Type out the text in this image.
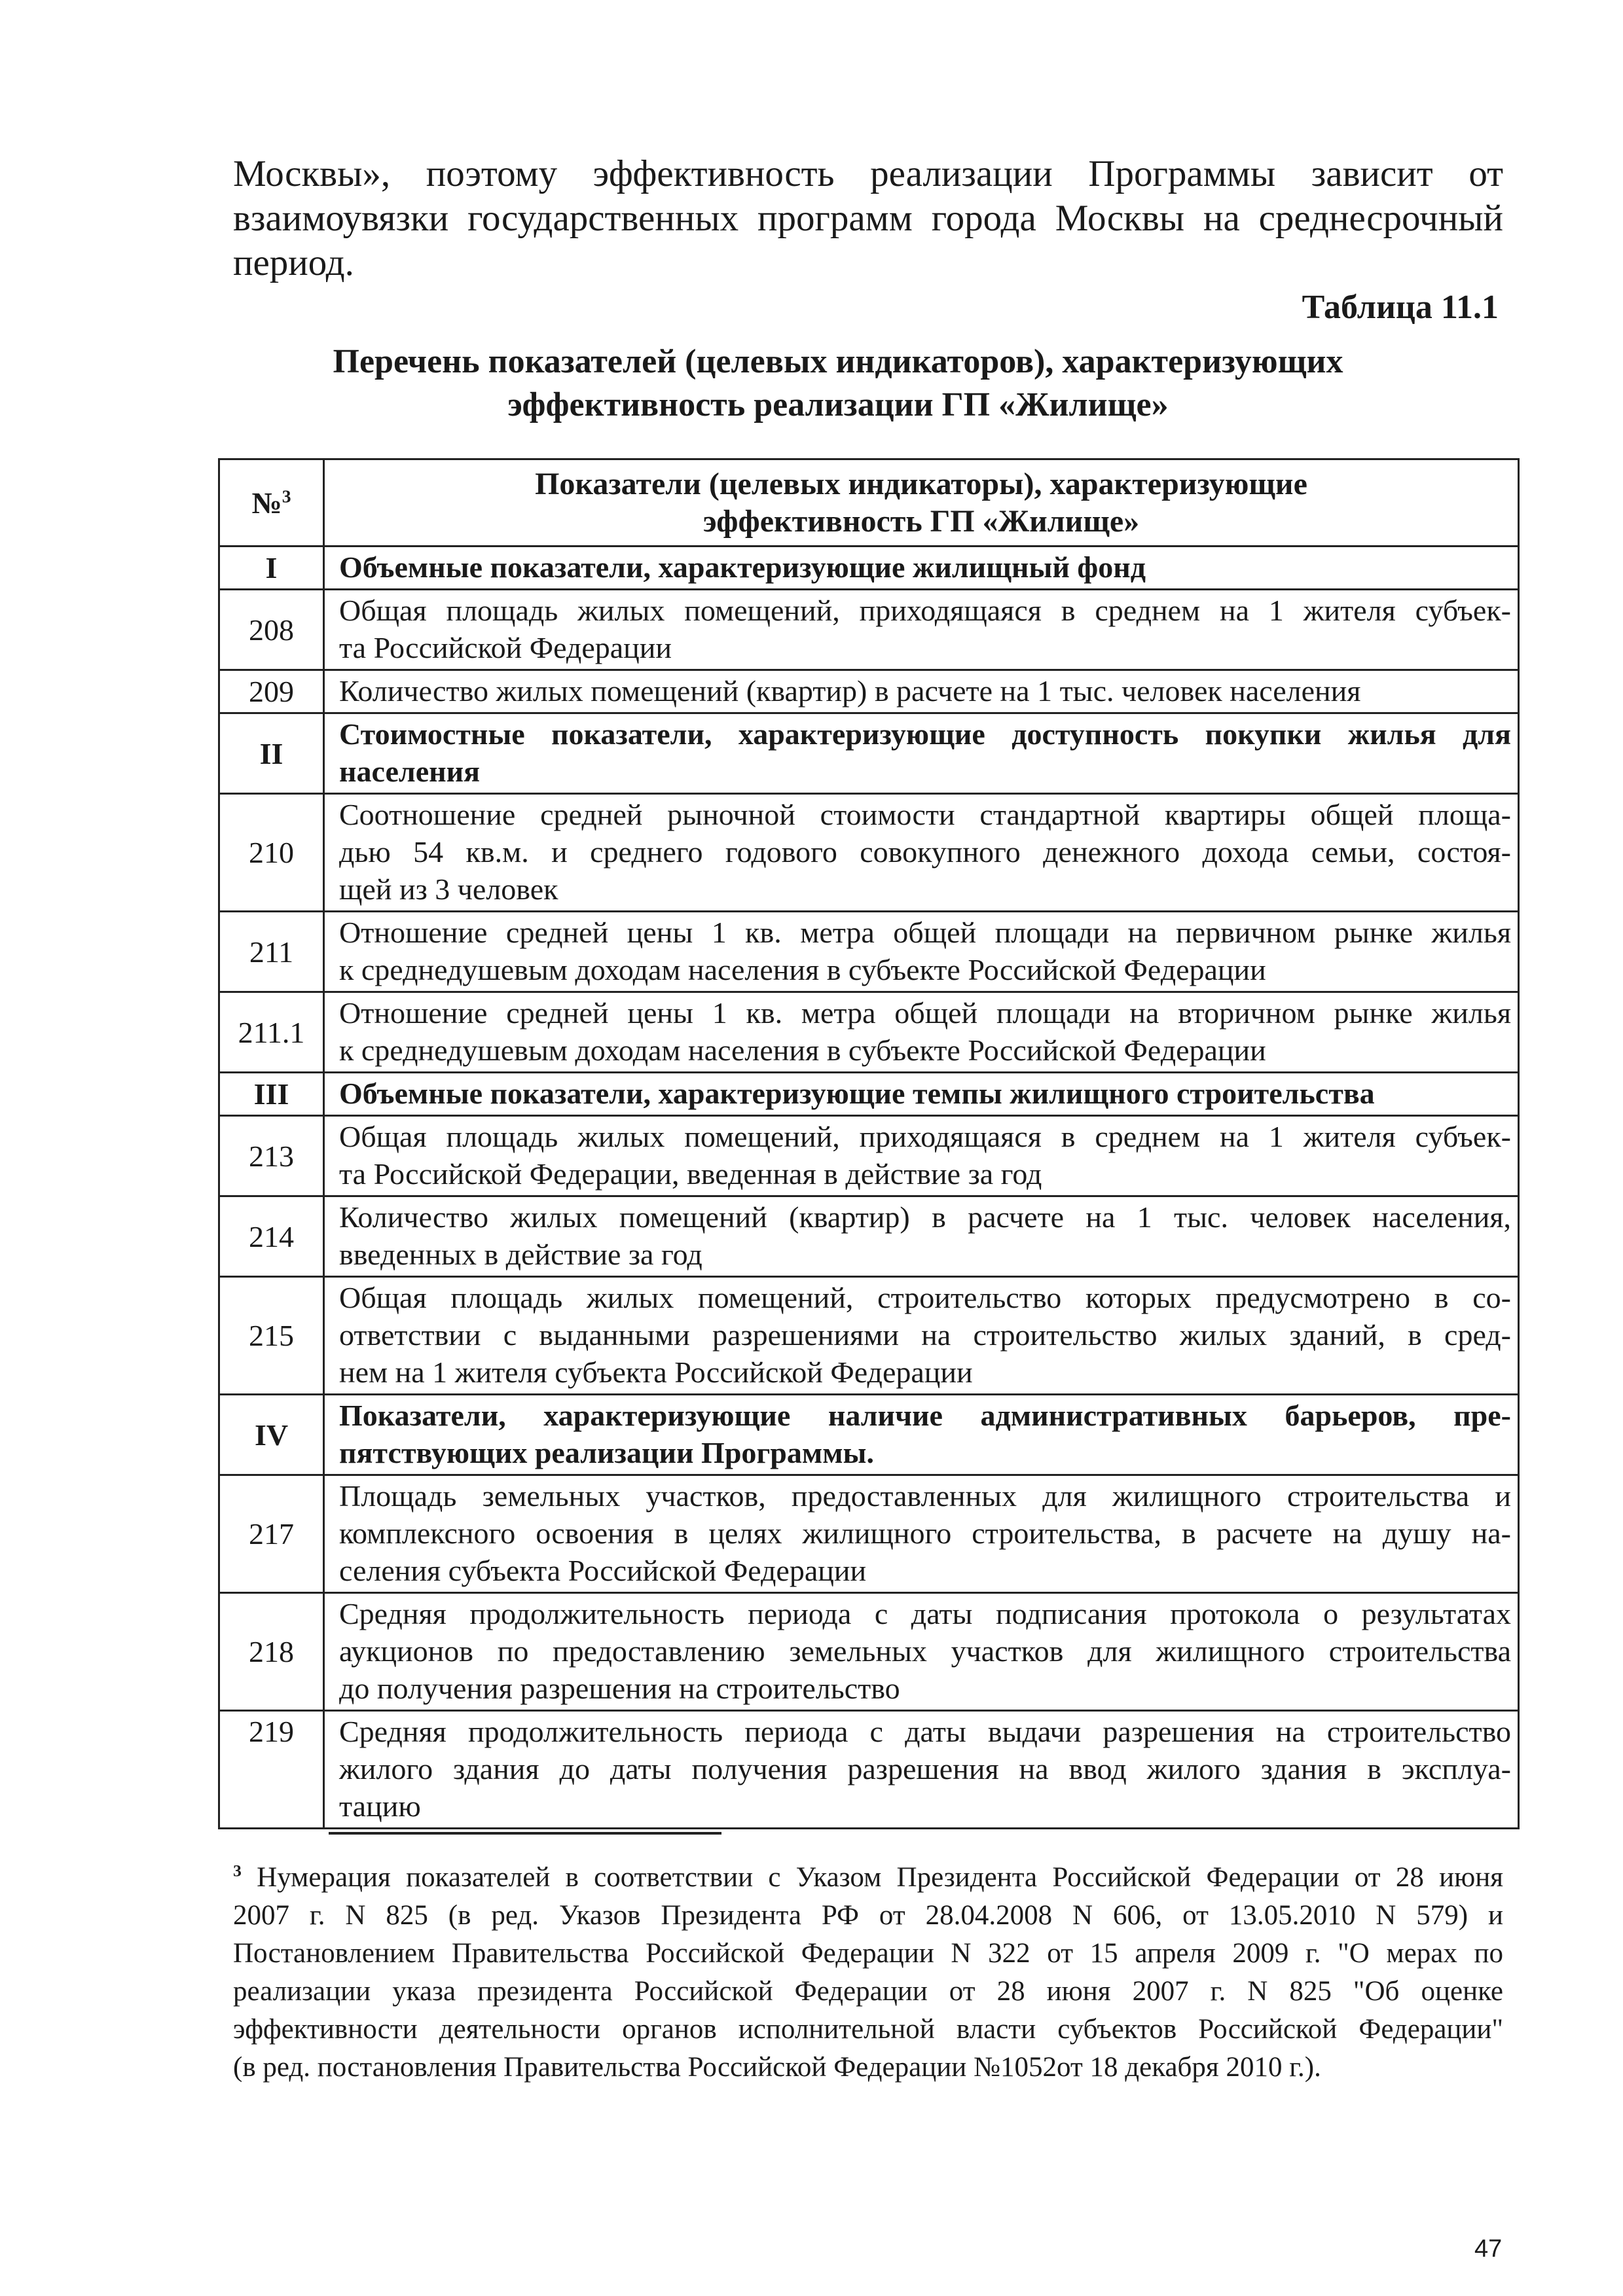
Москвы», поэтому эффективность реализации Программы зависит от
взаимоувязки государственных программ города Москвы на среднесрочный
период.

Таблица 11.1

Перечень показателей (целевых индикаторов), характеризующих
эффективность реализации ГП «Жилище»

№$^3$	Показатели (целевых индикаторы), характеризующие
эффективность ГП «Жилище»

I	Объемные показатели, характеризующие жилищный фонд

208	Общая площадь жилых помещений, приходящаяся в среднем на 1 жителя субъек-
та Российской Федерации

209	Количество жилых помещений (квартир) в расчете на 1 тыс. человек населения

II	Стоимостные показатели, характеризующие доступность покупки жилья для
населения

210	Соотношение средней рыночной стоимости стандартной квартиры общей площа-
дью 54 кв.м. и среднего годового совокупного денежного дохода семьи, состоя-
щей из 3 человек

211	Отношение средней цены 1 кв. метра общей площади на первичном рынке жилья
к среднедушевым доходам населения в субъекте Российской Федерации

211.1	Отношение средней цены 1 кв. метра общей площади на вторичном рынке жилья
к среднедушевым доходам населения в субъекте Российской Федерации

III	Объемные показатели, характеризующие темпы жилищного строительства

213	Общая площадь жилых помещений, приходящаяся в среднем на 1 жителя субъек-
та Российской Федерации, введенная в действие за год

214	Количество жилых помещений (квартир) в расчете на 1 тыс. человек населения,
введенных в действие за год

215	Общая площадь жилых помещений, строительство которых предусмотрено в со-
ответствии с выданными разрешениями на строительство жилых зданий, в сред-
нем на 1 жителя субъекта Российской Федерации

IV	Показатели, характеризующие наличие административных барьеров, пре-
пятствующих реализации Программы.

217	Площадь земельных участков, предоставленных для жилищного строительства и
комплексного освоения в целях жилищного строительства, в расчете на душу на-
селения субъекта Российской Федерации

218	Средняя продолжительность периода с даты подписания протокола о результатах
аукционов по предоставлению земельных участков для жилищного строительства
до получения разрешения на строительство

219	Средняя продолжительность периода с даты выдачи разрешения на строительство
жилого здания до даты получения разрешения на ввод жилого здания в эксплуа-
тацию

$^3$ Нумерация показателей в соответствии с Указом Президента Российской Федерации от 28 июня
2007 г. N 825 (в ред. Указов Президента РФ от 28.04.2008 N 606, от 13.05.2010 N 579) и
Постановлением Правительства Российской Федерации N 322 от 15 апреля 2009 г. "О мерах по
реализации указа президента Российской Федерации от 28 июня 2007 г. N 825 "Об оценке
эффективности деятельности органов исполнительной власти субъектов Российской Федерации"
(в ред. постановления Правительства Российской Федерации №1052от 18 декабря 2010 г.).

47
